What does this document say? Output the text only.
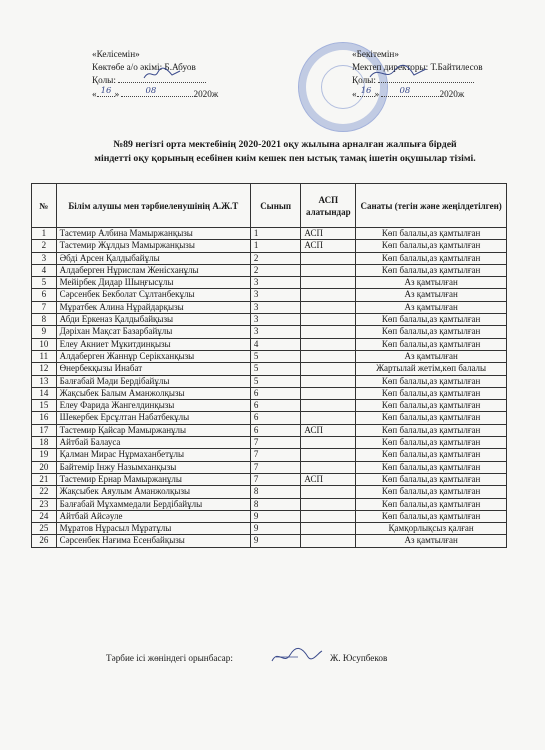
«Келісемін»
Көктөбе а/о әкімі: Б.Абуов
Қолы:
« 16 »	08	2020ж
«Бекітемін»
Мектеп директоры: Т.Байтилесов
Қолы:
« 16 » 08	2020ж
№89 негізгі орта мектебінің 2020-2021 оқу жылына арналған жалпыға бірдей
міндетті оқу қорының есебінен киім кешек пен ыстық тамақ ішетін оқушылар тізімі.
№	Білім алушы мен тәрбиеленушінің А.Ж.Т	Сынып	АСП алатындар	Санаты (тегін және жеңілдетілген)
1	Тастемир Албина Мамыржанқызы	1	АСП	Көп балалы,аз қамтылған
2	Тастемир Жұлдыз Мамыржанқызы	1	АСП	Көп балалы,аз қамтылған
3	Әбді Арсен Қалдыбайұлы	2		Көп балалы,аз қамтылған
4	Алдаберген Нұрислам Женісханұлы	2		Көп балалы,аз қамтылған
5	Мейірбек Дидар Шыңғысұлы	3		Аз қамтылған
6	Сәрсенбек Бекболат Сұлтанбекұлы	3		Аз қамтылған
7	Мұратбек Алина Нұрайдарқызы	3		Аз қамтылған
8	Абди Еркеназ Қалдыбайқызы	3		Көп балалы,аз қамтылған
9	Дәрiхан Мақсат Базарбайұлы	3		Көп балалы,аз қамтылған
10	Елеу Акниет Мұкитдинқызы	4		Көп балалы,аз қамтылған
11	Алдаберген Жаннұр Серікханқызы	5		Аз қамтылған
12	Өнербекқызы Инабат	5		Жартылай жетім,көп балалы
13	Балғабай Мәди Бердібайұлы	5		Көп балалы,аз қамтылған
14	Жақсыбек Балым Аманжолқызы	6		Көп балалы,аз қамтылған
15	Елеу Фарида Жангелдинқызы	6		Көп балалы,аз қамтылған
16	Шекербек Ерсұлтан Набатбекұлы	6		Көп балалы,аз қамтылған
17	Тастемир Қайсар Мамыржанұлы	6	АСП	Көп балалы,аз қамтылған
18	Айтбай Балауса	7		Көп балалы,аз қамтылған
19	Қалман Мирас Нұрмаханбетұлы	7		Көп балалы,аз қамтылған
20	Байтемір Інжу Назымханқызы	7		Көп балалы,аз қамтылған
21	Тастемир Ернар Мамыржанұлы	7	АСП	Көп балалы,аз қамтылған
22	Жақсыбек Аяулым Аманжолқызы	8		Көп балалы,аз қамтылған
23	Балғабай Мұхаммедали Бердібайұлы	8		Көп балалы,аз қамтылған
24	Айтбай Айсәуле	9		Көп балалы,аз қамтылған
25	Мұратов Нұрасыл Мұратұлы	9		Қамқорлықсыз қалған
26	Сәрсенбек Нағима Есенбайқызы	9		Аз қамтылған
Тәрбие ісі жөніндегі орынбасар:	Ж. Юсупбеков
